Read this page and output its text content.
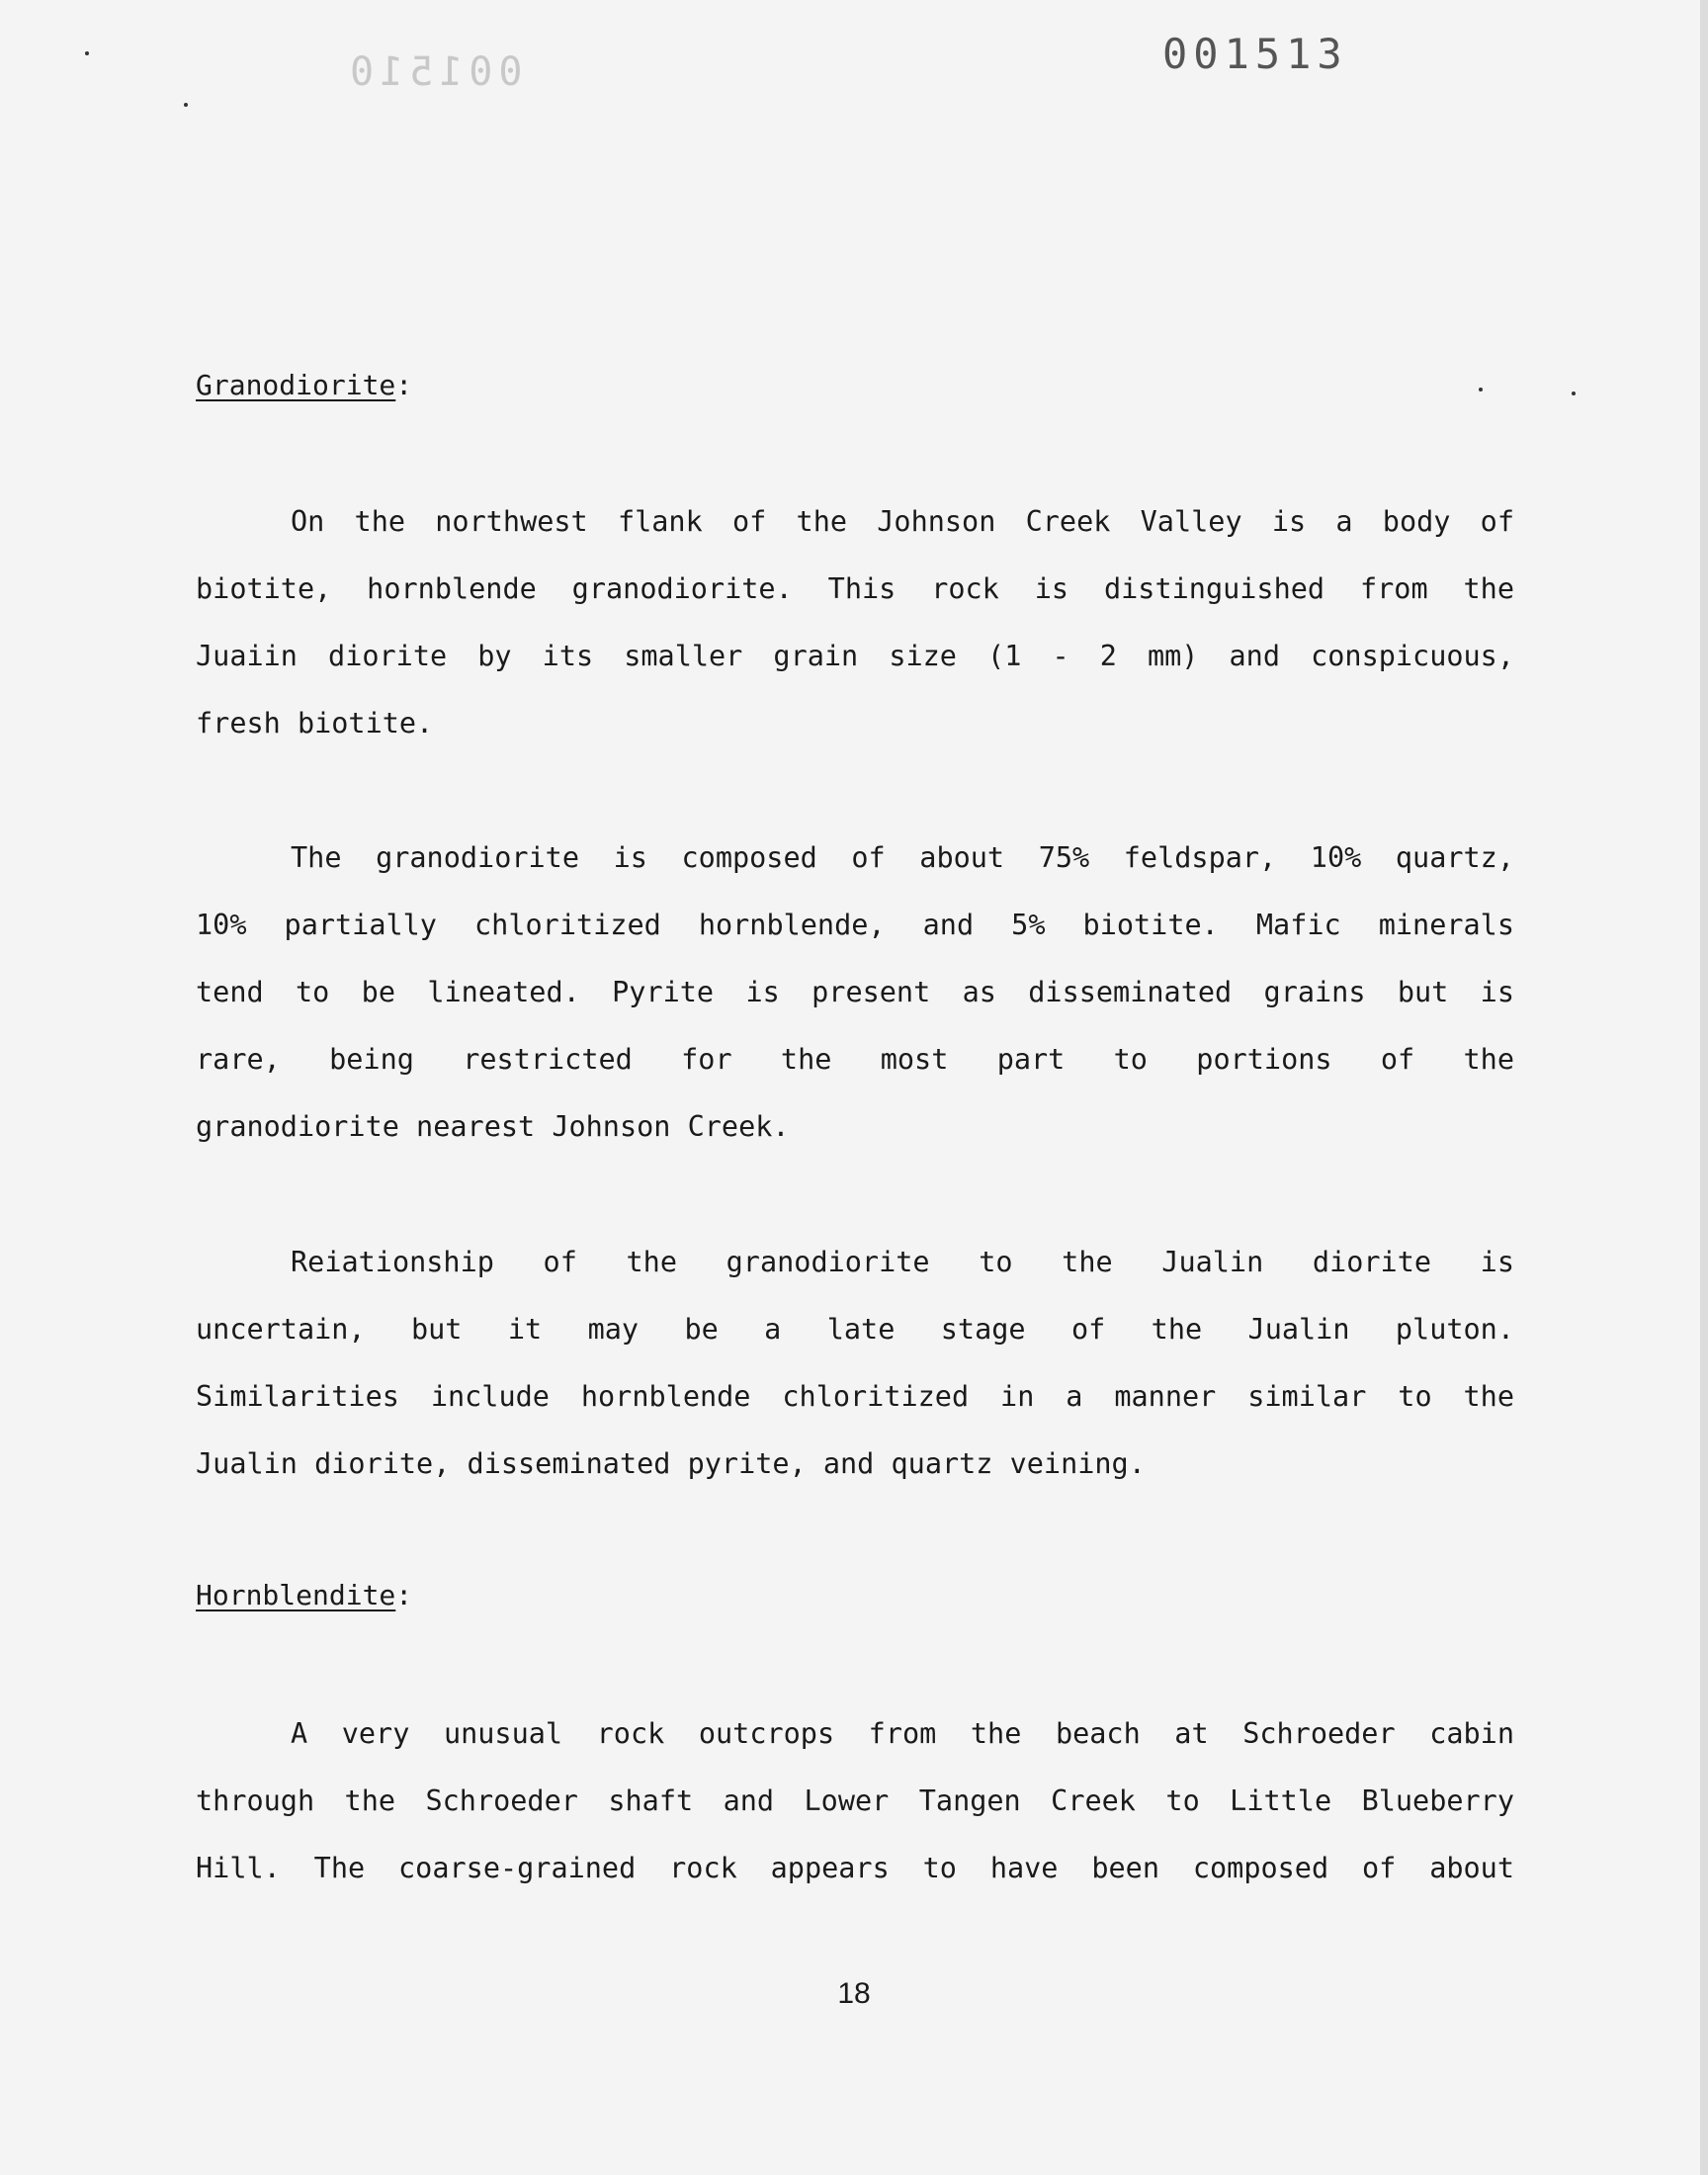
001510	001513
Granodiorite:
On the northwest flank of the Johnson Creek Valley is a body of
biotite, hornblende granodiorite. This rock is distinguished from the
Juaiin diorite by its smaller grain size (1 - 2 mm) and conspicuous,
fresh biotite.
The granodiorite is composed of about 75% feldspar, 10% quartz,
10% partially chloritized hornblende, and 5% biotite. Mafic minerals
tend to be lineated. Pyrite is present as disseminated grains but is
rare, being restricted for the most part to portions of the
granodiorite nearest Johnson Creek.
Reiationship of the granodiorite to the Jualin diorite is
uncertain, but it may be a late stage of the Jualin pluton.
Similarities include hornblende chloritized in a manner similar to the
Jualin diorite, disseminated pyrite, and quartz veining.
Hornblendite:
A very unusual rock outcrops from the beach at Schroeder cabin
through the Schroeder shaft and Lower Tangen Creek to Little Blueberry
Hill. The coarse-grained rock appears to have been composed of about
18
